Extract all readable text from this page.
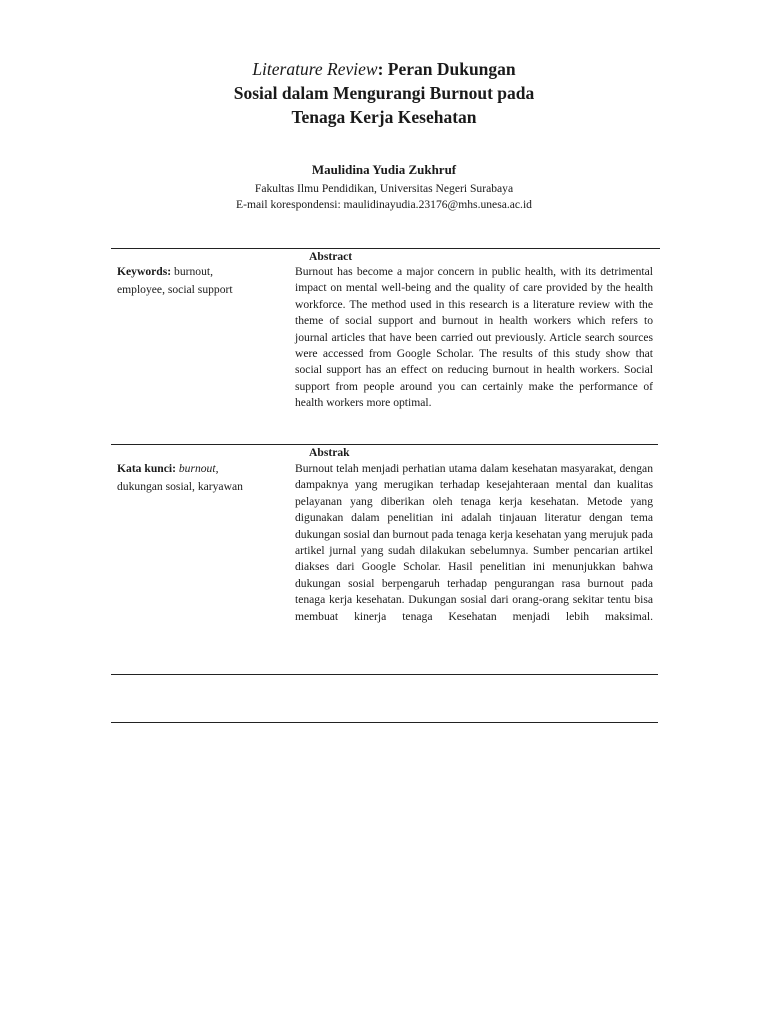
Literature Review: Peran Dukungan
Sosial dalam Mengurangi Burnout pada
Tenaga Kerja Kesehatan
Maulidina Yudia Zukhruf
Fakultas Ilmu Pendidikan, Universitas Negeri Surabaya
E-mail korespondensi: maulidinayudia.23176@mhs.unesa.ac.id
Abstract
Keywords: burnout,
employee, social support
Burnout has become a major concern in public health, with its detrimental impact on mental well-being and the quality of care provided by the health workforce. The method used in this research is a literature review with the theme of social support and burnout in health workers which refers to journal articles that have been carried out previously. Article search sources were accessed from Google Scholar. The results of this study show that social support has an effect on reducing burnout in health workers. Social support from people around you can certainly make the performance of health workers more optimal.
Abstrak
Kata kunci: burnout,
dukungan sosial, karyawan
Burnout telah menjadi perhatian utama dalam kesehatan masyarakat, dengan dampaknya yang merugikan terhadap kesejahteraan mental dan kualitas pelayanan yang diberikan oleh tenaga kerja kesehatan. Metode yang digunakan dalam penelitian ini adalah tinjauan literatur dengan tema dukungan sosial dan burnout pada tenaga kerja kesehatan yang merujuk pada artikel jurnal yang sudah dilakukan sebelumnya. Sumber pencarian artikel diakses dari Google Scholar. Hasil penelitian ini menunjukkan bahwa dukungan sosial berpengaruh terhadap pengurangan rasa burnout pada tenaga kerja kesehatan. Dukungan sosial dari orang-orang sekitar tentu bisa membuat kinerja tenaga Kesehatan menjadi lebih maksimal.
